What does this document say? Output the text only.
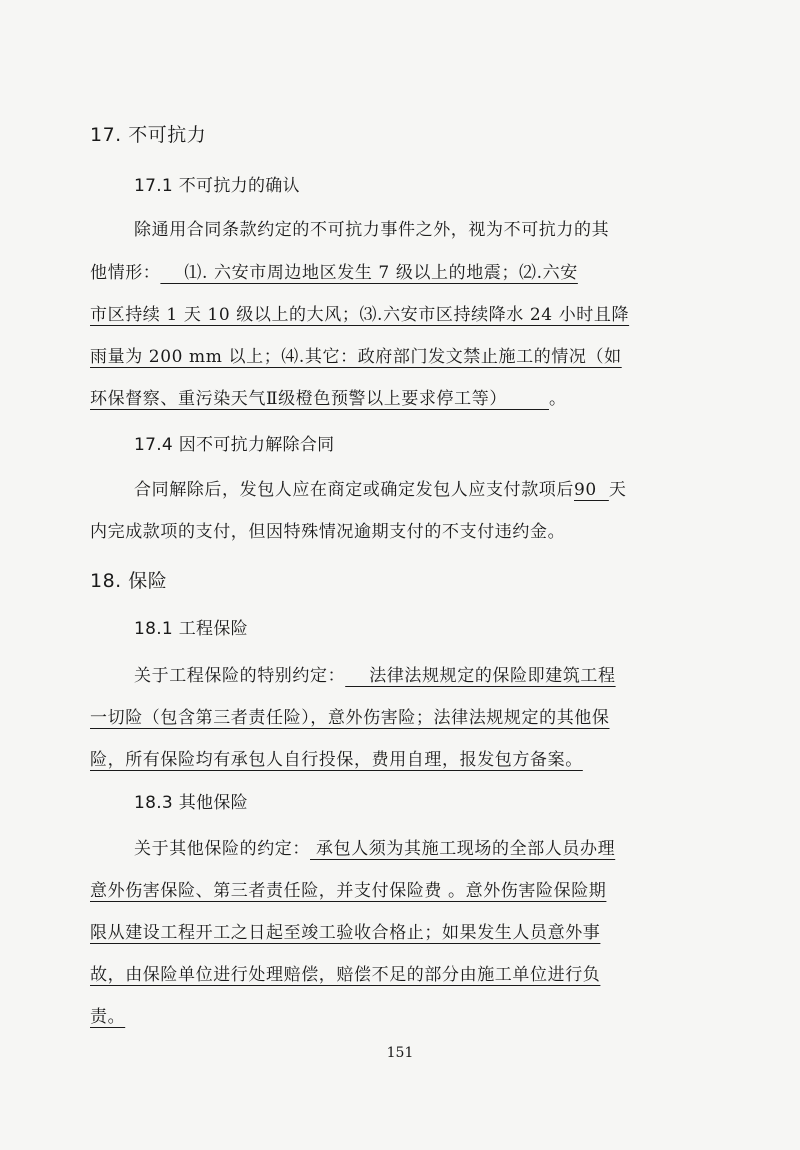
17. 不可抗力
17.1 不可抗力的确认
除通用合同条款约定的不可抗力事件之外，视为不可抗力的其
他情形：    ⑴. 六安市周边地区发生 7 级以上的地震；⑵.六安
市区持续 1 天 10 级以上的大风；⑶.六安市区持续降水 24 小时且降
雨量为 200 mm 以上；⑷.其它：政府部门发文禁止施工的情况（如
环保督察、重污染天气Ⅱ级橙色预警以上要求停工等）       。
17.4 因不可抗力解除合同
合同解除后，发包人应在商定或确定发包人应支付款项后90  天
内完成款项的支付，但因特殊情况逾期支付的不支付违约金。
18. 保险
18.1 工程保险
关于工程保险的特别约定：    法律法规规定的保险即建筑工程
一切险（包含第三者责任险），意外伤害险；法律法规规定的其他保
险，所有保险均有承包人自行投保，费用自理，报发包方备案。
18.3 其他保险
关于其他保险的约定： 承包人须为其施工现场的全部人员办理
意外伤害保险、第三者责任险，并支付保险费 。意外伤害险保险期
限从建设工程开工之日起至竣工验收合格止；如果发生人员意外事
故，由保险单位进行处理赔偿，赔偿不足的部分由施工单位进行负
责。
151
